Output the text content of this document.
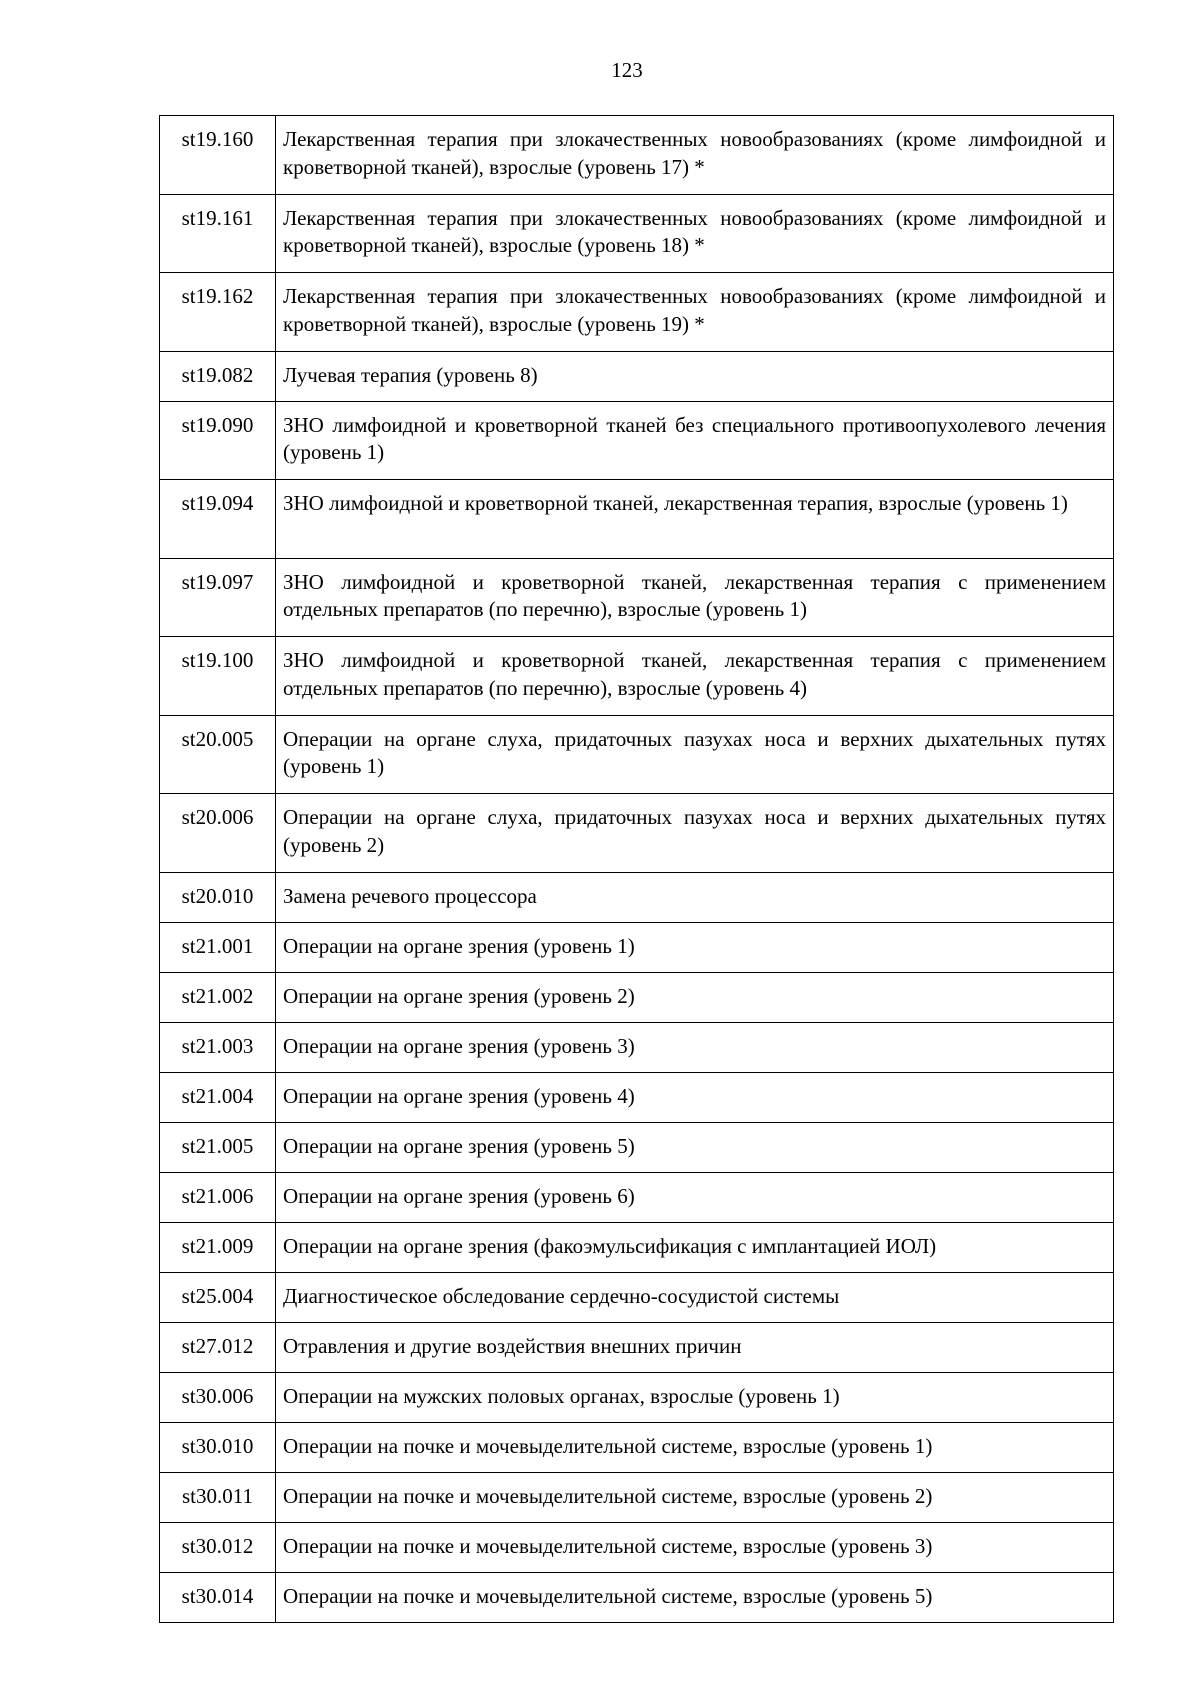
123
st19.160	Лекарственная терапия при злокачественных новообразованиях (кроме лимфоидной и кроветворной тканей), взрослые (уровень 17) *
st19.161	Лекарственная терапия при злокачественных новообразованиях (кроме лимфоидной и кроветворной тканей), взрослые (уровень 18) *
st19.162	Лекарственная терапия при злокачественных новообразованиях (кроме лимфоидной и кроветворной тканей), взрослые (уровень 19) *
st19.082	Лучевая терапия (уровень 8)
st19.090	ЗНО лимфоидной и кроветворной тканей без специального противоопухолевого лечения (уровень 1)
st19.094	ЗНО лимфоидной и кроветворной тканей, лекарственная терапия, взрослые (уровень 1)
st19.097	ЗНО лимфоидной и кроветворной тканей, лекарственная терапия с применением отдельных препаратов (по перечню), взрослые (уровень 1)
st19.100	ЗНО лимфоидной и кроветворной тканей, лекарственная терапия с применением отдельных препаратов (по перечню), взрослые (уровень 4)
st20.005	Операции на органе слуха, придаточных пазухах носа и верхних дыхательных путях (уровень 1)
st20.006	Операции на органе слуха, придаточных пазухах носа и верхних дыхательных путях (уровень 2)
st20.010	Замена речевого процессора
st21.001	Операции на органе зрения (уровень 1)
st21.002	Операции на органе зрения (уровень 2)
st21.003	Операции на органе зрения (уровень 3)
st21.004	Операции на органе зрения (уровень 4)
st21.005	Операции на органе зрения (уровень 5)
st21.006	Операции на органе зрения (уровень 6)
st21.009	Операции на органе зрения (факоэмульсификация с имплантацией ИОЛ)
st25.004	Диагностическое обследование сердечно-сосудистой системы
st27.012	Отравления и другие воздействия внешних причин
st30.006	Операции на мужских половых органах, взрослые (уровень 1)
st30.010	Операции на почке и мочевыделительной системе, взрослые (уровень 1)
st30.011	Операции на почке и мочевыделительной системе, взрослые (уровень 2)
st30.012	Операции на почке и мочевыделительной системе, взрослые (уровень 3)
st30.014	Операции на почке и мочевыделительной системе, взрослые (уровень 5)
